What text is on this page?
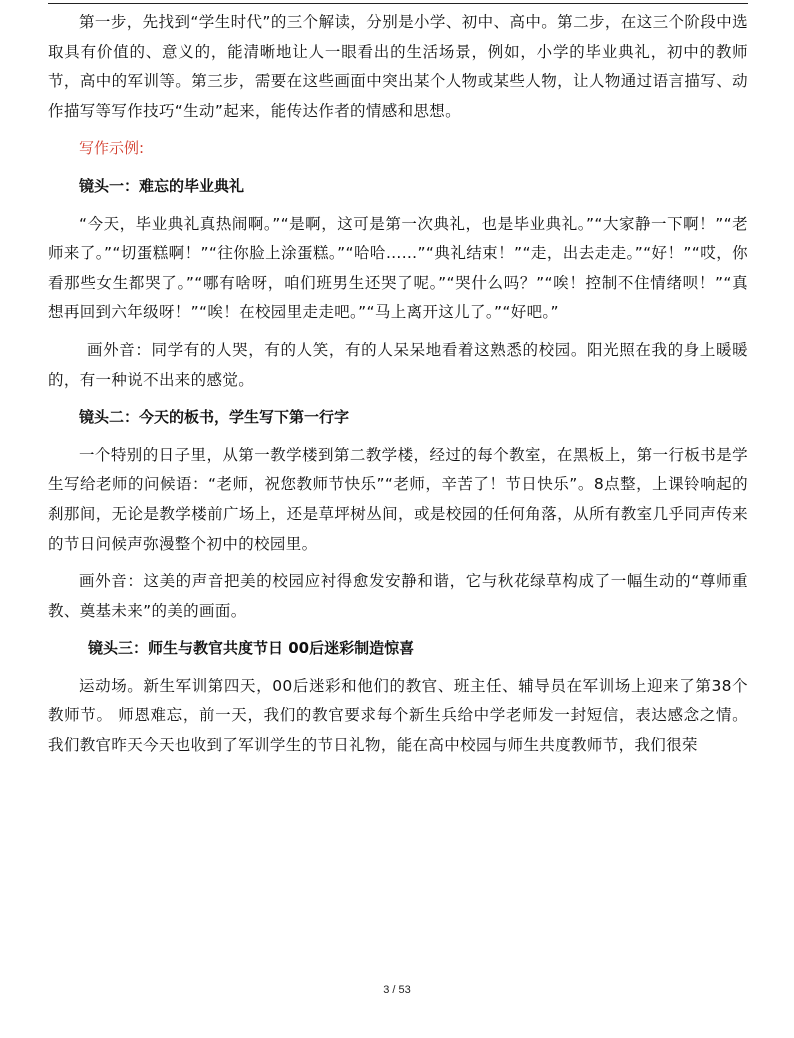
第一步，先找到“学生时代”的三个解读，分别是小学、初中、高中。第二步，在这三个阶段中选取具有价值的、意义的，能清晰地让人一眼看出的生活场景，例如，小学的毕业典礼，初中的教师节，高中的军训等。第三步，需要在这些画面中突出某个人物或某些人物，让人物通过语言描写、动作描写等写作技巧“生动”起来，能传达作者的情感和思想。

写作示例:
镜头一：难忘的毕业典礼

“今天，毕业典礼真热闹啊。”“是啊，这可是第一次典礼，也是毕业典礼。”“大家静一下啊！”“老师来了。”“切蛋糕啊！”“往你脸上涂蛋糕。”“哈哈……”“典礼结束！”“走，出去走走。”“好！”“哎，你看那些女生都哭了。”“哪有啥呀，咱们班男生还哭了呢。”“哭什么吗？”“唉！控制不住情绪呗！”“真想再回到六年级呀！”“唉！在校园里走走吧。”“马上离开这儿了。”“好吧。”

画外音：同学有的人哭，有的人笑，有的人呆呆地看着这熟悉的校园。阳光照在我的身上暖暖的，有一种说不出来的感觉。

镜头二：今天的板书，学生写下第一行字

一个特别的日子里，从第一教学楼到第二教学楼，经过的每个教室，在黑板上，第一行板书是学生写给老师的问候语：“老师，祝您教师节快乐”“老师，辛苦了！节日快乐”。8点整，上课铃响起的刹那间，无论是教学楼前广场上，还是草坪树丛间，或是校园的任何角落，从所有教室几乎同声传来的节日问候声弥漫整个初中的校园里。

画外音：这美的声音把美的校园应衬得愈发安静和谐，它与秋花绿草构成了一幅生动的“尊师重教、奠基未来”的美的画面。

镜头三：师生与教官共度节日 00后迷彩制造惊喜

运动场。新生军训第四天，00后迷彩和他们的教官、班主任、辅导员在军训场上迎来了第38个教师节。 师恩难忘，前一天，我们的教官要求每个新生兵给中学老师发一封短信，表达感念之情。我们教官昨天今天也收到了军训学生的节日礼物，能在高中校园与师生共度教师节，我们很荣

3 / 53
